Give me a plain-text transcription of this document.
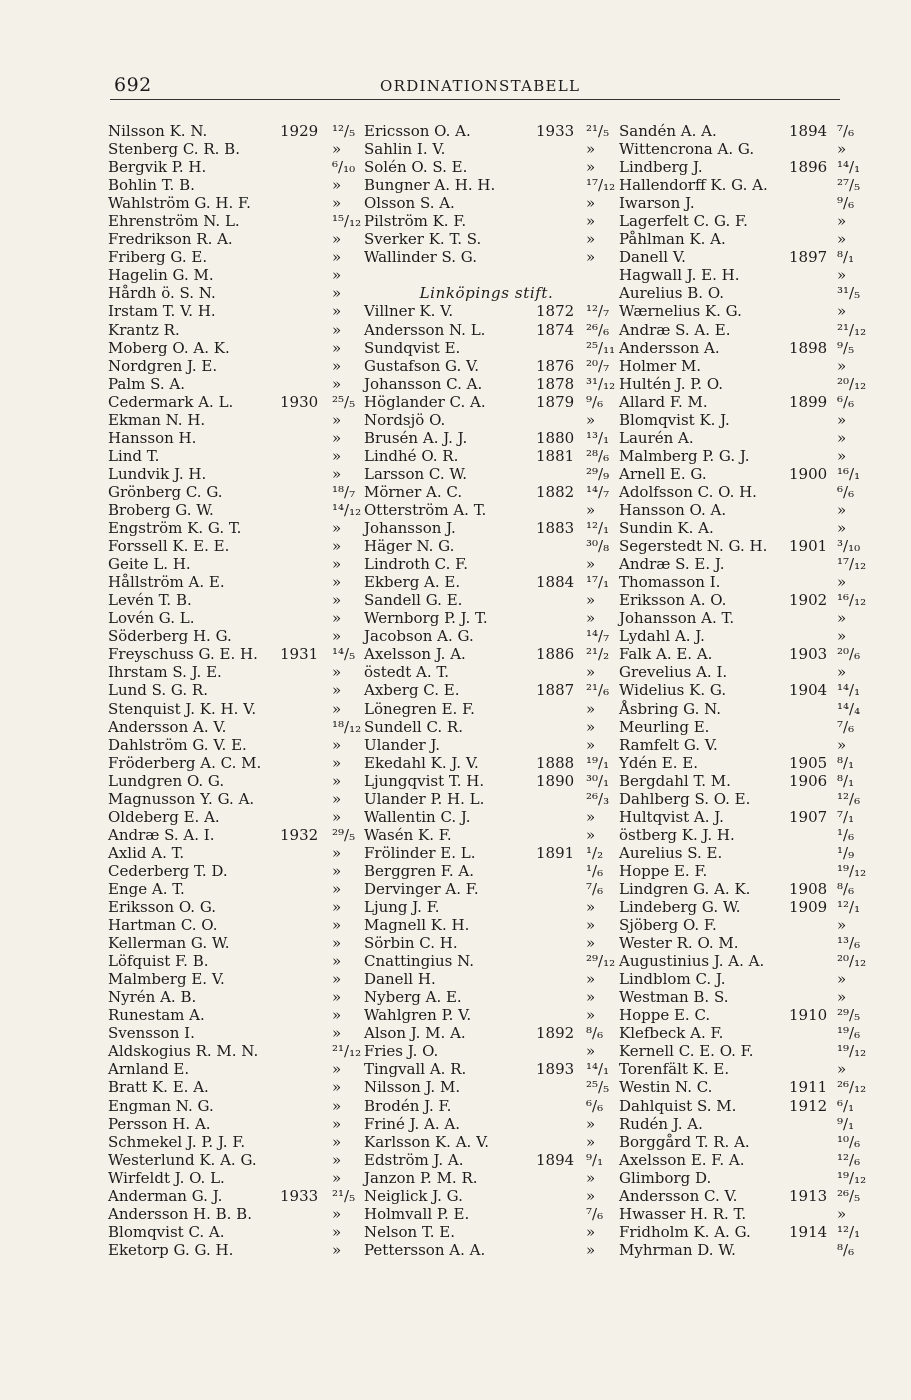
692	ORDINATIONSTABELL
Nilsson K. N.	1929 ¹²/₅
Stenberg C. R. B.	»
Bergvik P. H.	⁶/₁₀
Bohlin T. B.	»
Wahlström G. H. F.	»
Ehrenström N. L.	¹⁵/₁₂
Fredrikson R. A.	»
Friberg G. E.	»
Hagelin G. M.	»
Hårdh ö. S. N.	»
Irstam T. V. H.	»
Krantz R.	»
Moberg O. A. K.	»
Nordgren J. E.	»
Palm S. A.	»
Cedermark A. L.	1930 ²⁵/₅
Ekman N. H.	»
Hansson H.	»
Lind T.	»
Lundvik J. H.	»
Grönberg C. G.	¹⁸/₇
Broberg G. W.	¹⁴/₁₂
Engström K. G. T.	»
Forssell K. E. E.	»
Geite L. H.	»
Hållström A. E.	»
Levén T. B.	»
Lovén G. L.	»
Söderberg H. G.	»
Freyschuss G. E. H. 1931 ¹⁴/₅
Ihrstam S. J. E.	»
Lund S. G. R.	»
Stenquist J. K. H. V.	»
Andersson A. V.	¹⁸/₁₂
Dahlström G. V. E.	»
Fröderberg A. C. M.	»
Lundgren O. G.	»
Magnusson Y. G. A.	»
Oldeberg E. A.	»
Andræ S. A. I.	1932 ²⁹/₅
Axlid A. T.	»
Cederberg T. D.	»
Enge A. T.	»
Eriksson O. G.	»
Hartman C. O.	»
Kellerman G. W.	»
Löfquist F. B.	»
Malmberg E. V.	»
Nyrén A. B.	»
Runestam A.	»
Svensson I.	»
Aldskogius R. M. N.	²¹/₁₂
Arnland E.	»
Bratt K. E. A.	»
Engman N. G.	»
Persson H. A.	»
Schmekel J. P. J. F.	»
Westerlund K. A. G.	»
Wirfeldt J. O. L.	»
Anderman G. J.	1933 ²¹/₅
Andersson H. B. B.	»
Blomqvist C. A.	»
Eketorp G. G. H.	»
Ericsson O. A.	1933 ²¹/₅
Sahlin I. V.	»
Solén O. S. E.	»
Bungner A. H. H.	¹⁷/₁₂
Olsson S. A.	»
Pilström K. F.	»
Sverker K. T. S.	»
Wallinder S. G.	»
Linköpings stift.
Villner K. V.	1872 ¹²/₇
Andersson N. L.	1874 ²⁶/₆
Sundqvist E.	²⁵/₁₁
Gustafson G. V.	1876 ²⁰/₇
Johansson C. A.	1878 ³¹/₁₂
Höglander C. A.	1879 ⁹/₆
Nordsjö O.	»
Brusén A. J. J.	1880 ¹³/₁
Lindhé O. R.	1881 ²⁸/₆
Larsson C. W.	²⁹/₉
Mörner A. C.	1882 ¹⁴/₇
Otterström A. T.	»
Johansson J.	1883 ¹²/₁
Häger N. G.	³⁰/₈
Lindroth C. F.	»
Ekberg A. E.	1884 ¹⁷/₁
Sandell G. E.	»
Wernborg P. J. T.	»
Jacobson A. G.	¹⁴/₇
Axelsson J. A.	1886 ²¹/₂
östedt A. T.	»
Axberg C. E.	1887 ²¹/₆
Lönegren E. F.	»
Sundell C. R.	»
Ulander J.	»
Ekedahl K. J. V.	1888 ¹⁹/₁
Ljungqvist T. H.	1890 ³⁰/₁
Ulander P. H. L.	²⁶/₃
Wallentin C. J.	»
Wasén K. F.	»
Frölinder E. L.	1891 ¹/₂
Berggren F. A.	¹/₆
Dervinger A. F.	⁷/₆
Ljung J. F.	»
Magnell K. H.	»
Sörbin C. H.	»
Cnattingius N.	²⁹/₁₂
Danell H.	»
Nyberg A. E.	»
Wahlgren P. V.	»
Alson J. M. A.	1892 ⁸/₆
Fries J. O.	»
Tingvall A. R.	1893 ¹⁴/₁
Nilsson J. M.	²⁵/₅
Brodén J. F.	⁶/₆
Friné J. A. A.	»
Karlsson K. A. V.	»
Edström J. A.	1894 ⁹/₁
Janzon P. M. R.	»
Neiglick J. G.	»
Holmvall P. E.	⁷/₆
Nelson T. E.	»
Pettersson A. A.	»
Sandén A. A.	1894 ⁷/₆
Wittencrona A. G.	»
Lindberg J.	1896 ¹⁴/₁
Hallendorff K. G. A.	²⁷/₅
Iwarson J.	⁹/₆
Lagerfelt C. G. F.	»
Påhlman K. A.	»
Danell V.	1897 ⁸/₁
Hagwall J. E. H.	»
Aurelius B. O.	³¹/₅
Wærnelius K. G.	»
Andræ S. A. E.	²¹/₁₂
Andersson A.	1898 ⁹/₅
Holmer M.	»
Hultén J. P. O.	²⁰/₁₂
Allard F. M.	1899 ⁶/₆
Blomqvist K. J.	»
Laurén A.	»
Malmberg P. G. J.	»
Arnell E. G.	1900 ¹⁶/₁
Adolfsson C. O. H.	⁶/₆
Hansson O. A.	»
Sundin K. A.	»
Segerstedt N. G. H. 1901 ³/₁₀
Andræ S. E. J.	¹⁷/₁₂
Thomasson I.	»
Eriksson A. O.	1902 ¹⁶/₁₂
Johansson A. T.	»
Lydahl A. J.	»
Falk A. E. A.	1903 ²⁰/₆
Grevelius A. I.	»
Widelius K. G.	1904 ¹⁴/₁
Åsbring G. N.	¹⁴/₄
Meurling E.	⁷/₆
Ramfelt G. V.	»
Ydén E. E.	1905 ⁸/₁
Bergdahl T. M.	1906 ⁸/₁
Dahlberg S. O. E.	¹²/₆
Hultqvist A. J.	1907 ⁷/₁
östberg K. J. H.	¹/₆
Aurelius S. E.	¹/₉
Hoppe E. F.	¹⁹/₁₂
Lindgren G. A. K.	1908 ⁸/₆
Lindeberg G. W.	1909 ¹²/₁
Sjöberg O. F.	»
Wester R. O. M.	¹³/₆
Augustinius J. A. A.	²⁰/₁₂
Lindblom C. J.	»
Westman B. S.	»
Hoppe E. C.	1910 ²⁹/₅
Klefbeck A. F.	¹⁹/₆
Kernell C. E. O. F.	¹⁹/₁₂
Torenfält K. E.	»
Westin N. C.	1911 ²⁶/₁₂
Dahlquist S. M.	1912 ⁶/₁
Rudén J. A.	⁹/₁
Borggård T. R. A.	¹⁰/₆
Axelsson E. F. A.	¹²/₆
Glimborg D.	¹⁹/₁₂
Andersson C. V.	1913 ²⁶/₅
Hwasser H. R. T.	»
Fridholm K. A. G.	1914 ¹²/₁
Myhrman D. W.	⁸/₆
